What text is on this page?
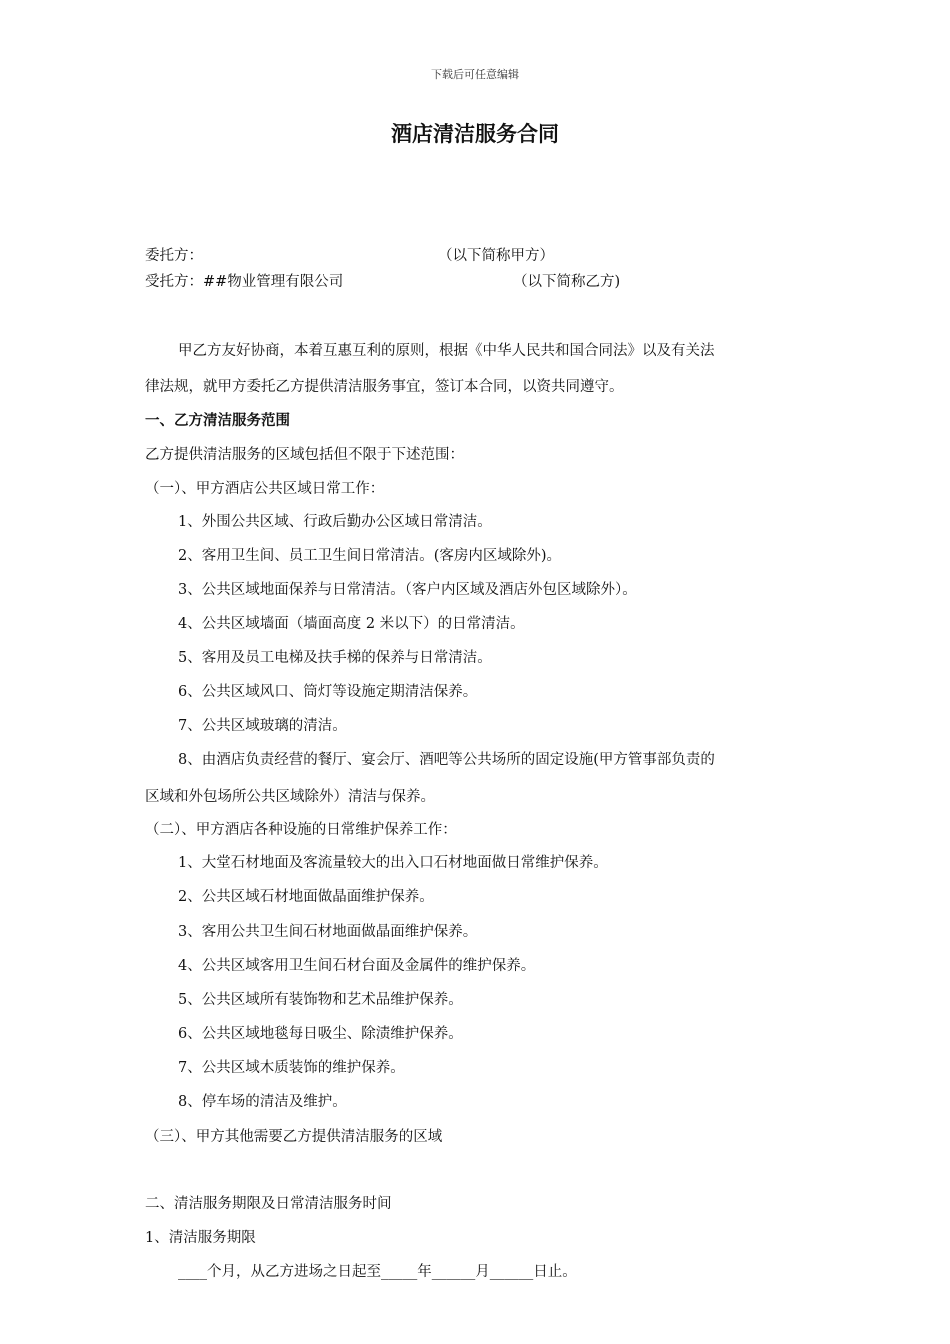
下载后可任意编辑
酒店清洁服务合同
委托方：	（以下简称甲方）
受托方：##物业管理有限公司	（以下简称乙方)
甲乙方友好协商，本着互惠互利的原则，根据《中华人民共和国合同法》以及有关法
律法规，就甲方委托乙方提供清洁服务事宜，签订本合同，以资共同遵守。
一、乙方清洁服务范围
乙方提供清洁服务的区域包括但不限于下述范围：
（一）、甲方酒店公共区域日常工作：
1、外围公共区域、行政后勤办公区域日常清洁。
2、客用卫生间、员工卫生间日常清洁。(客房内区域除外)。
3、公共区域地面保养与日常清洁。（客户内区域及酒店外包区域除外）。
4、公共区域墙面（墙面高度 2 米以下）的日常清洁。
5、客用及员工电梯及扶手梯的保养与日常清洁。
6、公共区域风口、筒灯等设施定期清洁保养。
7、公共区域玻璃的清洁。
8、由酒店负责经营的餐厅、宴会厅、酒吧等公共场所的固定设施(甲方管事部负责的
区域和外包场所公共区域除外）清洁与保养。
（二）、甲方酒店各种设施的日常维护保养工作：
1、大堂石材地面及客流量较大的出入口石材地面做日常维护保养。
2、公共区域石材地面做晶面维护保养。
3、客用公共卫生间石材地面做晶面维护保养。
4、公共区域客用卫生间石材台面及金属件的维护保养。
5、公共区域所有装饰物和艺术品维护保养。
6、公共区域地毯每日吸尘、除渍维护保养。
7、公共区域木质装饰的维护保养。
8、停车场的清洁及维护。
（三）、甲方其他需要乙方提供清洁服务的区域
二、清洁服务期限及日常清洁服务时间
1、清洁服务期限
____个月，从乙方进场之日起至_____年______月______日止。
